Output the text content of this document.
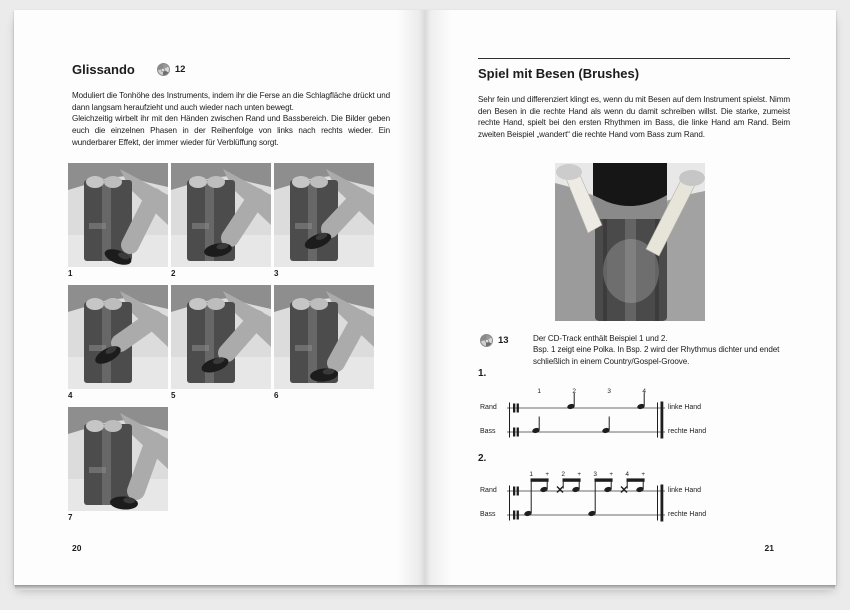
Glissando	12

Moduliert die Tonhöhe des Instruments, indem ihr die Ferse an die Schlagfläche drückt und dann langsam heraufzieht und auch wieder nach unten bewegt.

Gleichzeitig wirbelt ihr mit den Händen zwischen Rand und Bassbereich. Die Bilder geben euch die einzelnen Phasen in der Reihenfolge von links nach rechts wieder. Ein wunderbarer Effekt, der immer wieder für Verblüffung sorgt.

1	2	3
4	5	6
7
20
Spiel mit Besen (Brushes)

Sehr fein und differenziert klingt es, wenn du mit Besen auf dem Instrument spielst. Nimm den Besen in die rechte Hand als wenn du damit schreiben willst. Die starke, zumeist rechte Hand, spielt bei den ersten Rhythmen im Bass, die linke Hand am Rand. Beim zweiten Beispiel „wandert“ die rechte Hand vom Bass zum Rand.

13	Der CD-Track enthält Beispiel 1 und 2.
Bsp. 1 zeigt eine Polka. In Bsp. 2 wird der Rhythmus dichter und endet schließlich in einem Country/Gospel-Groove.
1.
Rand
Bass
linke Hand
rechte Hand
1	2	3	4
2.
Rand
Bass
linke Hand
rechte Hand
1 + 2 + 3 + 4 +
21
